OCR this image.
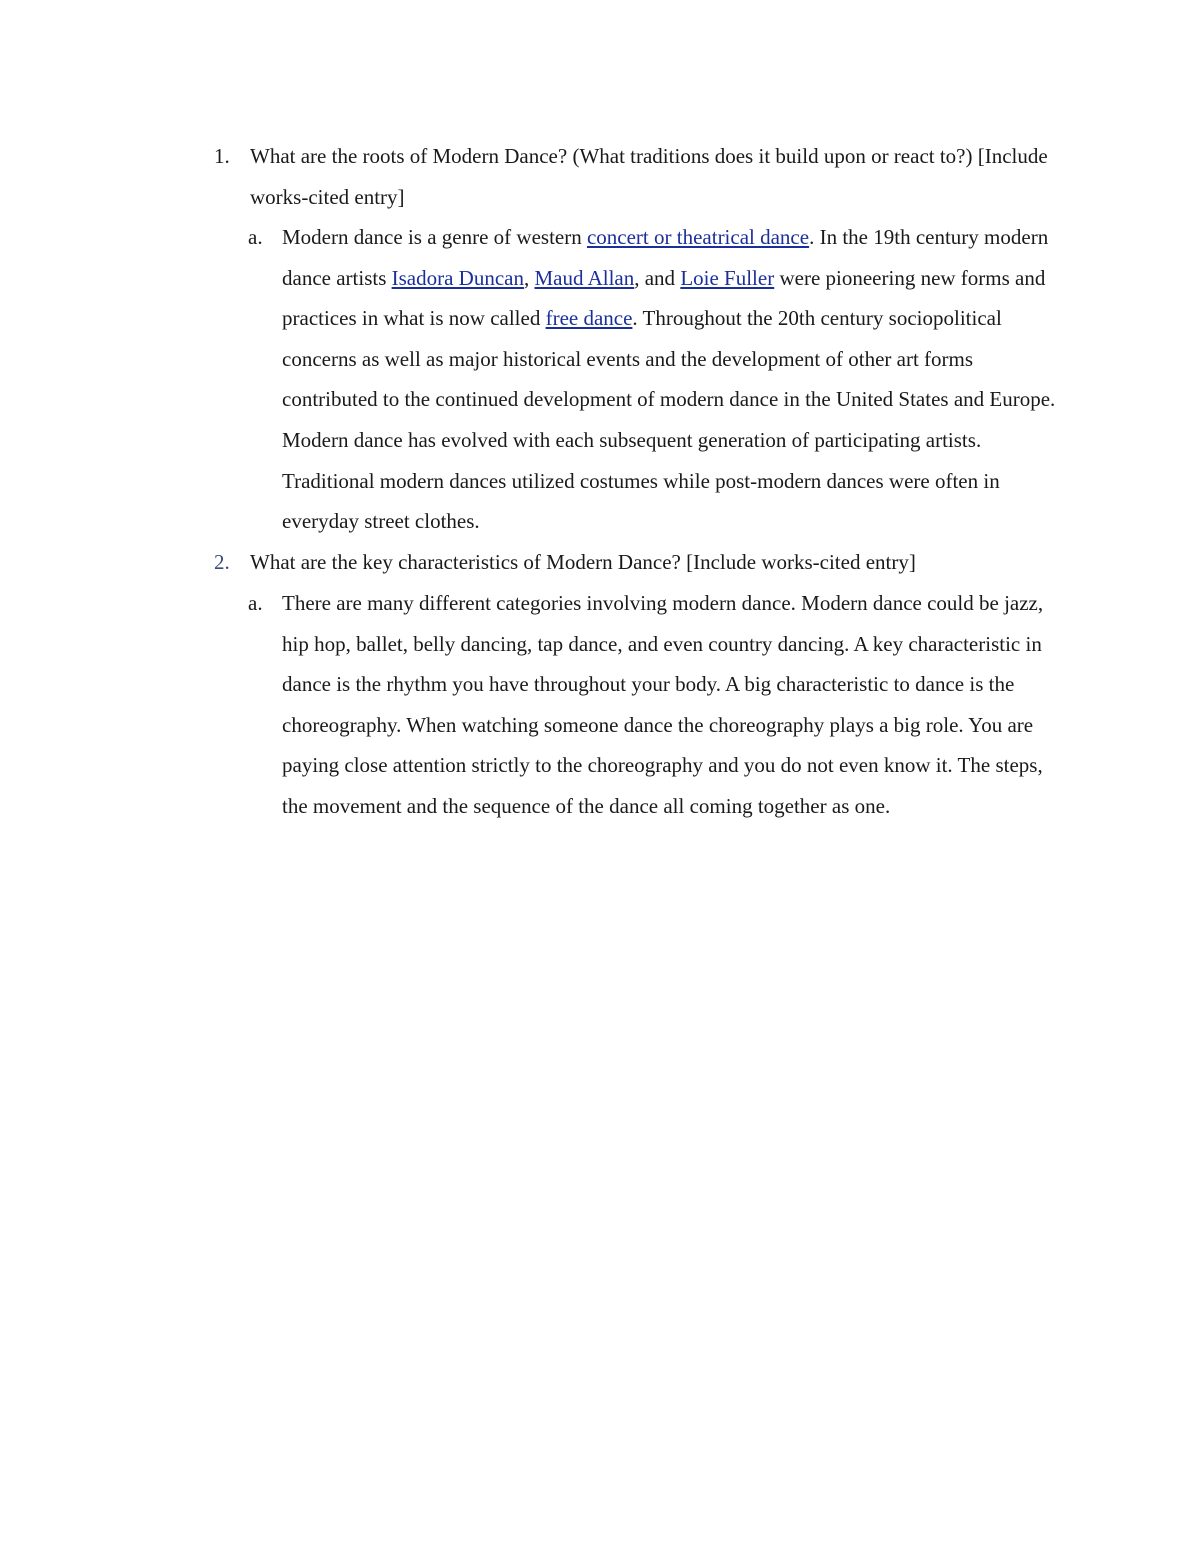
1. What are the roots of Modern Dance? (What traditions does it build upon or react to?) [Include works-cited entry]
a. Modern dance is a genre of western concert or theatrical dance. In the 19th century modern dance artists Isadora Duncan, Maud Allan, and Loie Fuller were pioneering new forms and practices in what is now called free dance. Throughout the 20th century sociopolitical concerns as well as major historical events and the development of other art forms contributed to the continued development of modern dance in the United States and Europe. Modern dance has evolved with each subsequent generation of participating artists. Traditional modern dances utilized costumes while post-modern dances were often in everyday street clothes.
2. What are the key characteristics of Modern Dance? [Include works-cited entry]
a. There are many different categories involving modern dance. Modern dance could be jazz, hip hop, ballet, belly dancing, tap dance, and even country dancing. A key characteristic in dance is the rhythm you have throughout your body. A big characteristic to dance is the choreography. When watching someone dance the choreography plays a big role. You are paying close attention strictly to the choreography and you do not even know it. The steps, the movement and the sequence of the dance all coming together as one.
